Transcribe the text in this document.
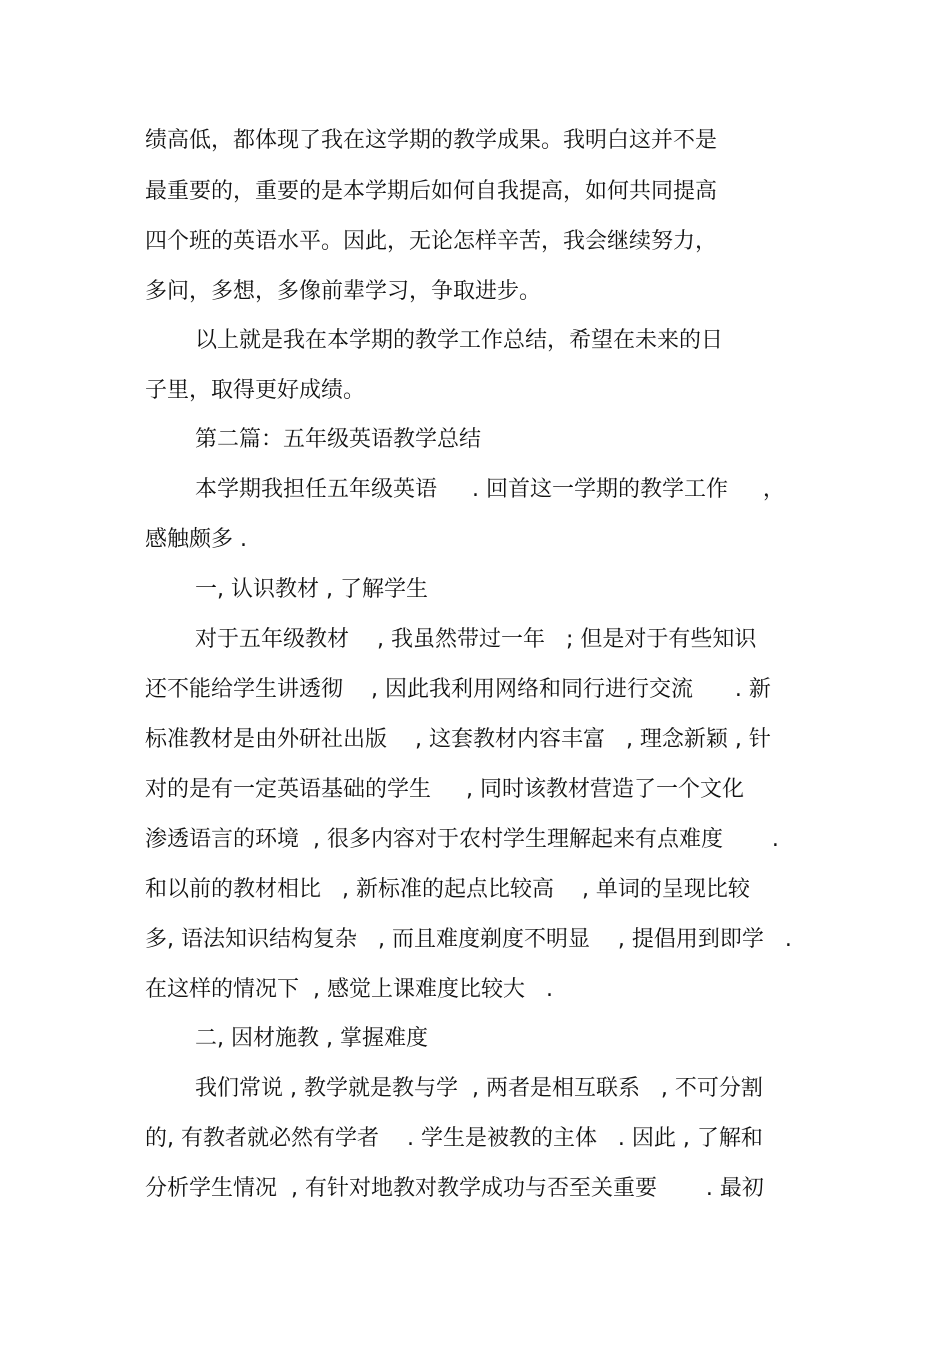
绩高低，都体现了我在这学期的教学成果。我明白这并不是
最重要的，重要的是本学期后如何自我提高，如何共同提高
四个班的英语水平。因此，无论怎样辛苦，我会继续努力，
多问，多想，多像前辈学习，争取进步。
以上就是我在本学期的教学工作总结，希望在未来的日
子里，取得更好成绩。
第二篇：五年级英语教学总结
本学期我担任五年级英语     . 回首这一学期的教学工作     ，
感触颇多 .
一, 认识教材 , 了解学生
对于五年级教材    , 我虽然带过一年   ; 但是对于有些知识
还不能给学生讲透彻    , 因此我利用网络和同行进行交流      . 新
标准教材是由外研社出版    , 这套教材内容丰富   , 理念新颖 , 针
对的是有一定英语基础的学生     , 同时该教材营造了一个文化
渗透语言的环境  , 很多内容对于农村学生理解起来有点难度       .
和以前的教材相比   , 新标准的起点比较高    , 单词的呈现比较
多, 语法知识结构复杂   , 而且难度剃度不明显    , 提倡用到即学   .
在这样的情况下  , 感觉上课难度比较大   .
二, 因材施教 , 掌握难度
我们常说 , 教学就是教与学  , 两者是相互联系   , 不可分割
的, 有教者就必然有学者    . 学生是被教的主体   . 因此 , 了解和
分析学生情况  , 有针对地教对教学成功与否至关重要       . 最初
